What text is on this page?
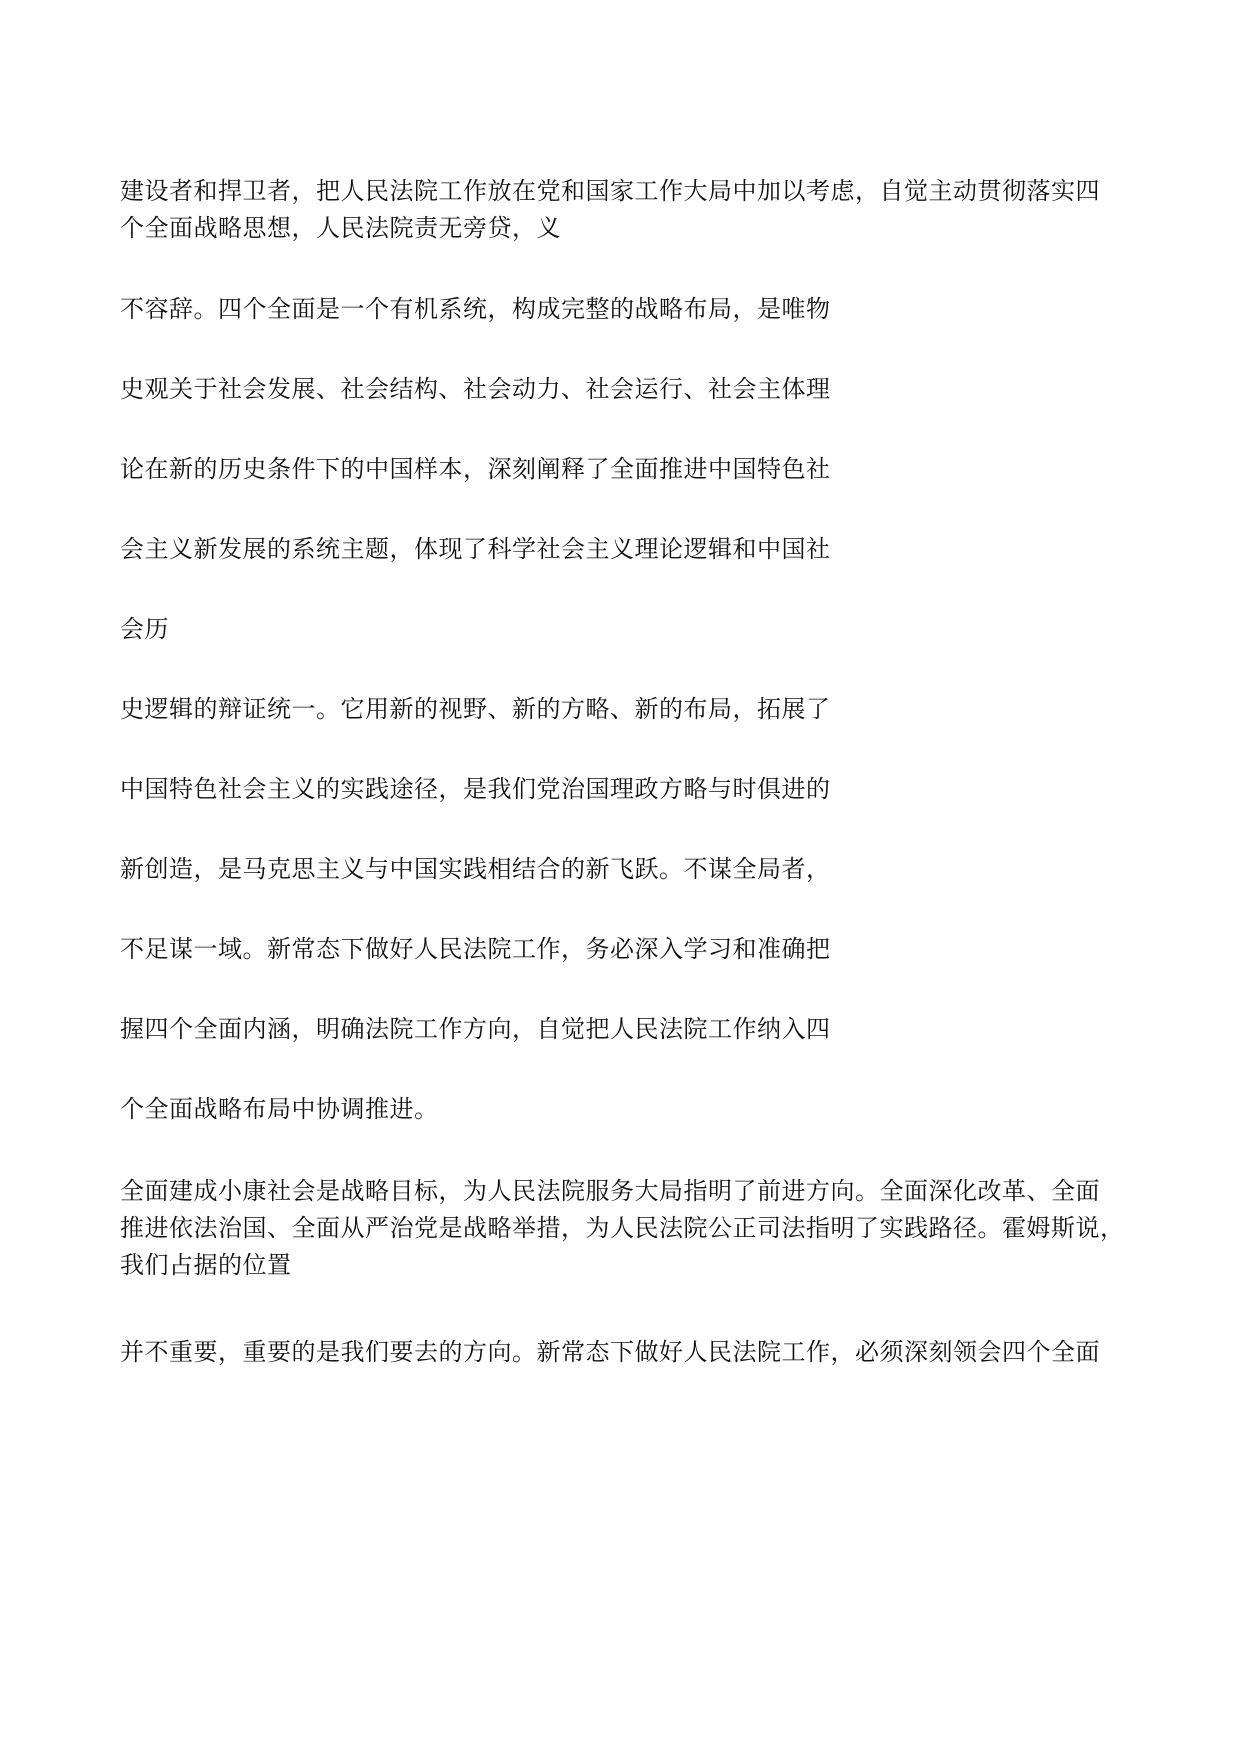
建设者和捍卫者，把人民法院工作放在党和国家工作大局中加以考虑，自觉主动贯彻落实四
个全面战略思想，人民法院责无旁贷，义

不容辞。四个全面是一个有机系统，构成完整的战略布局，是唯物

史观关于社会发展、社会结构、社会动力、社会运行、社会主体理

论在新的历史条件下的中国样本，深刻阐释了全面推进中国特色社

会主义新发展的系统主题，体现了科学社会主义理论逻辑和中国社

会历

史逻辑的辩证统一。它用新的视野、新的方略、新的布局，拓展了

中国特色社会主义的实践途径，是我们党治国理政方略与时俱进的

新创造，是马克思主义与中国实践相结合的新飞跃。不谋全局者，

不足谋一域。新常态下做好人民法院工作，务必深入学习和准确把

握四个全面内涵，明确法院工作方向，自觉把人民法院工作纳入四

个全面战略布局中协调推进。

全面建成小康社会是战略目标，为人民法院服务大局指明了前进方向。全面深化改革、全面
推进依法治国、全面从严治党是战略举措，为人民法院公正司法指明了实践路径。霍姆斯说，
我们占据的位置

并不重要，重要的是我们要去的方向。新常态下做好人民法院工作，必须深刻领会四个全面
